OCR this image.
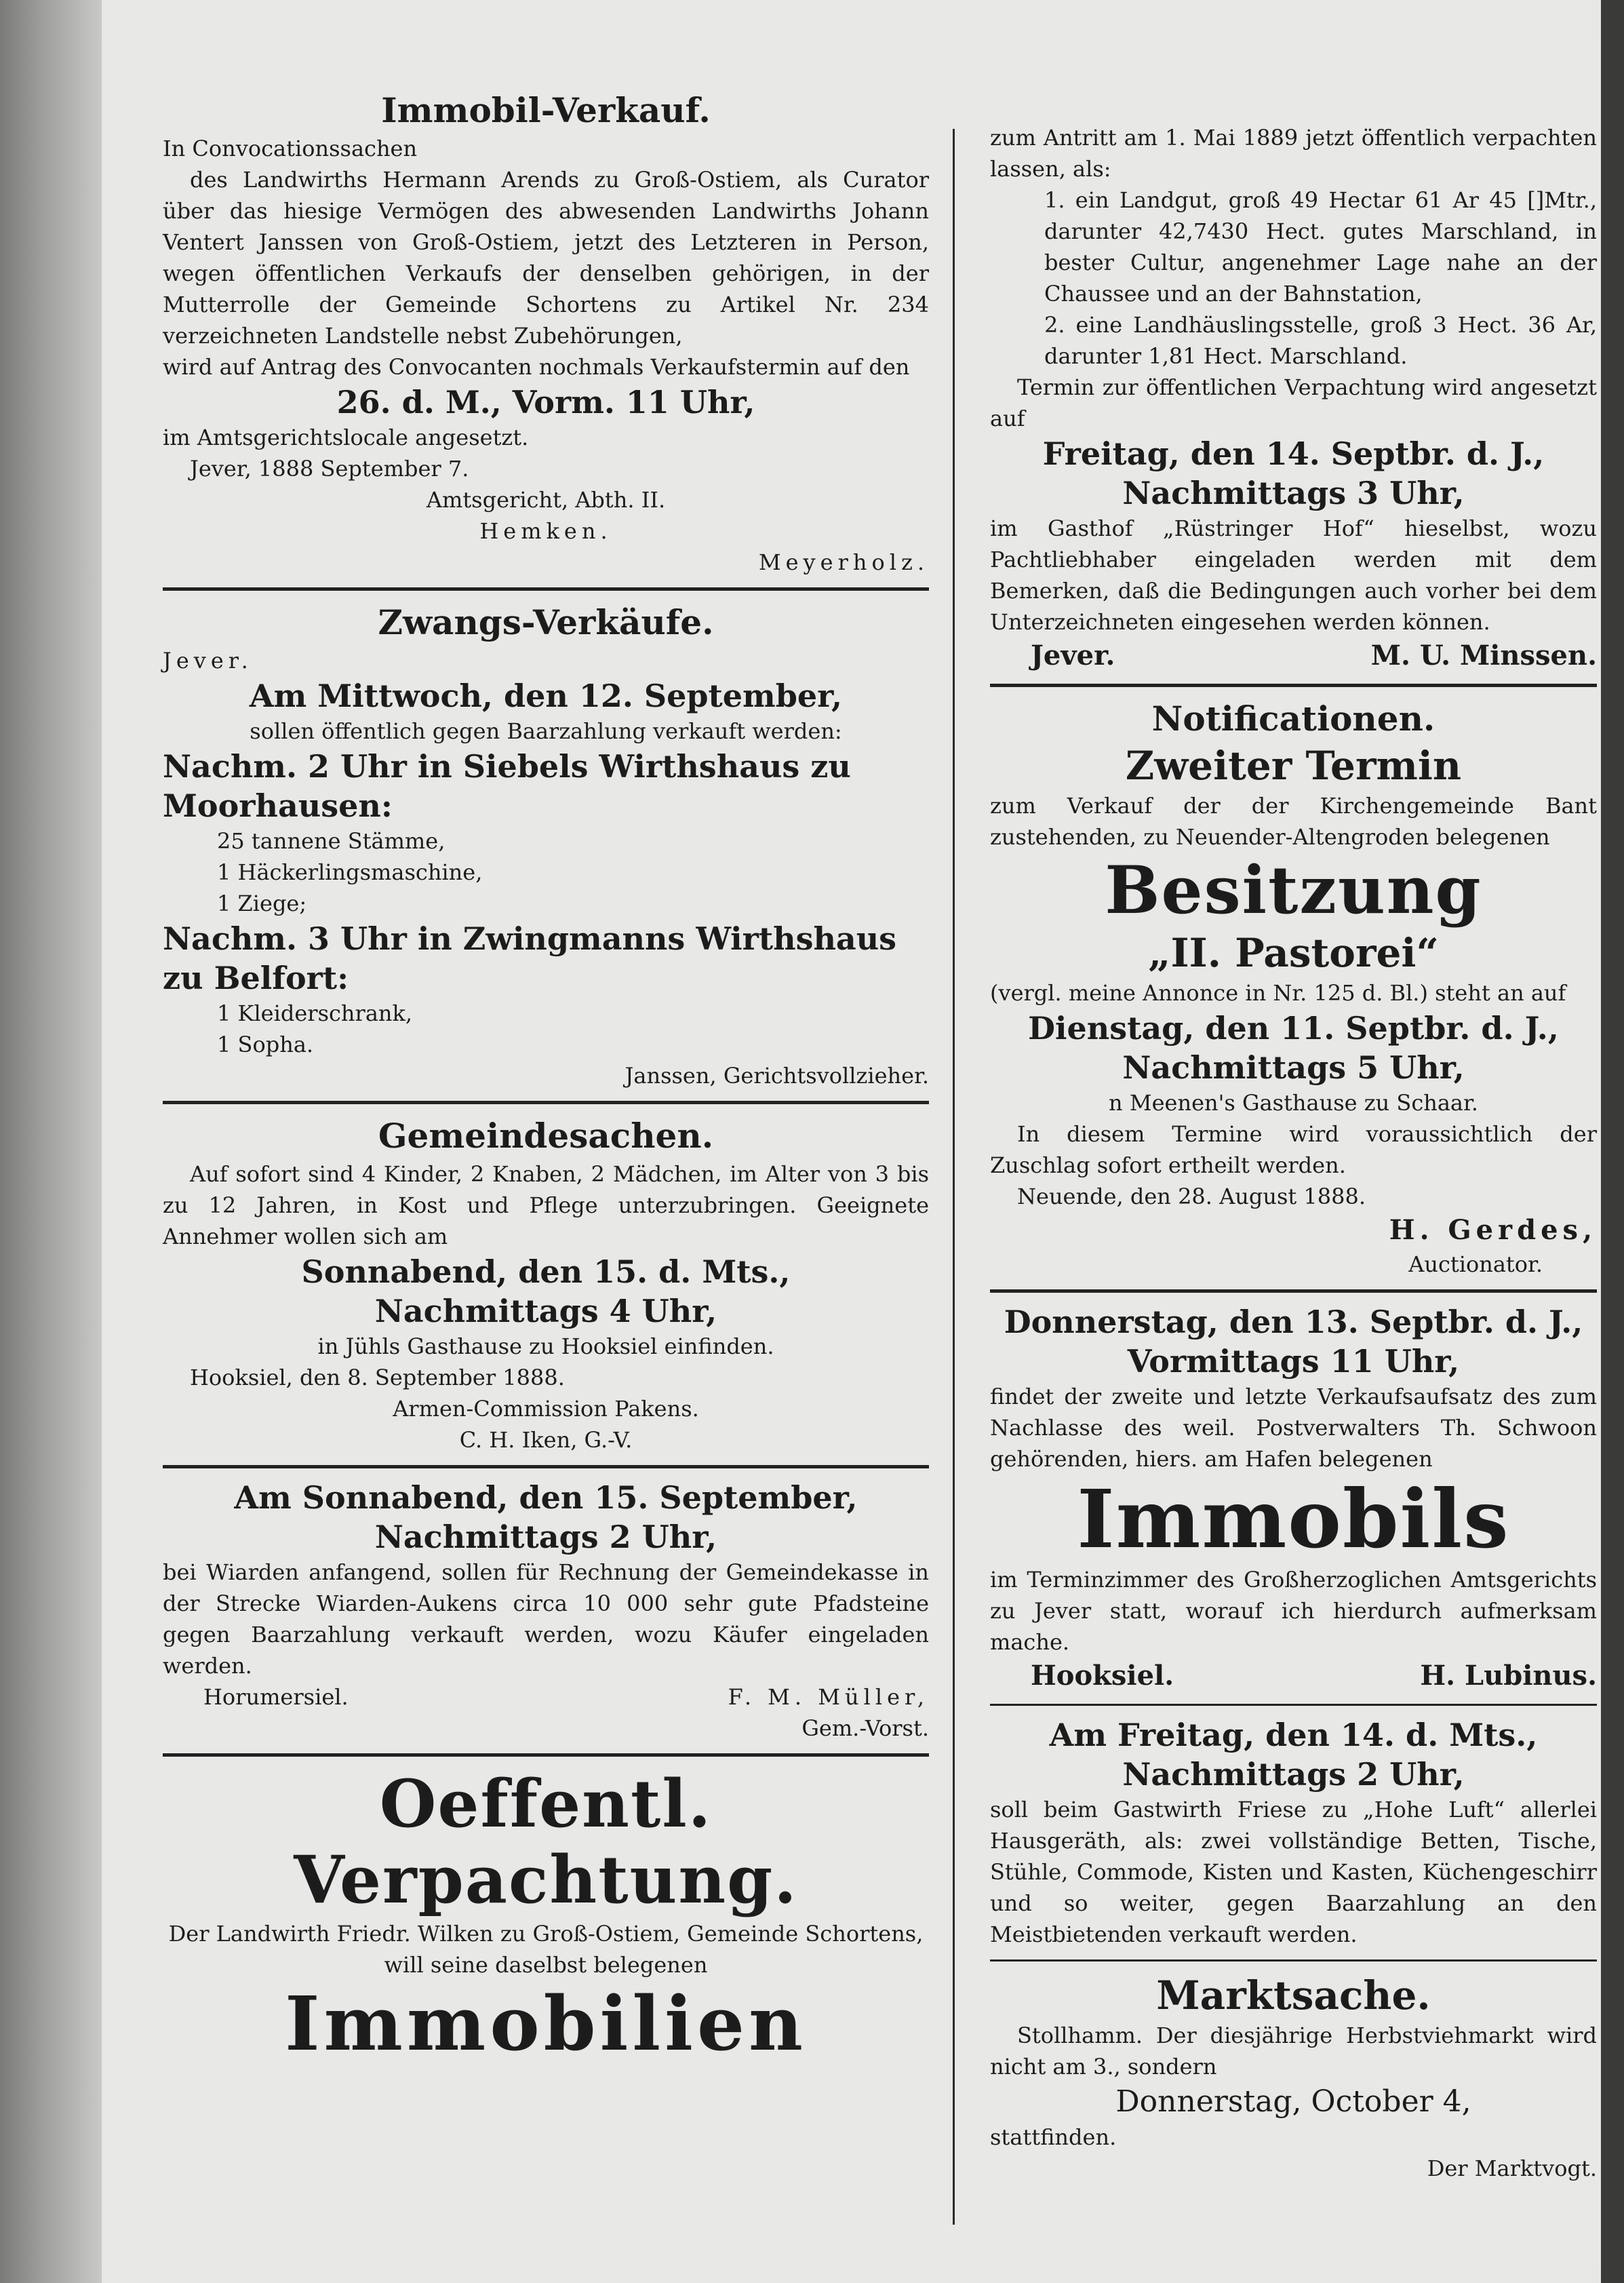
Immobil-Verkauf.

In Convocationssachen

des Landwirths Hermann Arends zu Groß-Ostiem, als Curator über das hiesige Vermögen des abwesenden Landwirths Johann Ventert Janssen von Groß-Ostiem, jetzt des Letzteren in Person, wegen öffentlichen Verkaufs der denselben gehörigen, in der Mutterrolle der Gemeinde Schortens zu Artikel Nr. 234 verzeichneten Landstelle nebst Zubehörungen,

wird auf Antrag des Convocanten nochmals Verkaufstermin auf den

26. d. M., Vorm. 11 Uhr,

im Amtsgerichtslocale angesetzt.

Jever, 1888 September 7.

Amtsgericht, Abth. II.

Hemken.

Meyerholz.

Zwangs-Verkäufe.

Jever.

Am Mittwoch, den 12. September,

sollen öffentlich gegen Baarzahlung verkauft werden:

Nachm. 2 Uhr in Siebels Wirthshaus zu Moorhausen:

25 tannene Stämme,

1 Häckerlingsmaschine,

1 Ziege;

Nachm. 3 Uhr in Zwingmanns Wirthshaus zu Belfort:

1 Kleiderschrank,

1 Sopha.

Janssen, Gerichtsvollzieher.

Gemeindesachen.

Auf sofort sind 4 Kinder, 2 Knaben, 2 Mädchen, im Alter von 3 bis zu 12 Jahren, in Kost und Pflege unterzubringen. Geeignete Annehmer wollen sich am

Sonnabend, den 15. d. Mts.,
Nachmittags 4 Uhr,

in Jühls Gasthause zu Hooksiel einfinden.

Hooksiel, den 8. September 1888.

Armen-Commission Pakens.

C. H. Iken, G.-V.

Am Sonnabend, den 15. September,
Nachmittags 2 Uhr,

bei Wiarden anfangend, sollen für Rechnung der Gemeindekasse in der Strecke Wiarden-Aukens circa 10 000 sehr gute Pfadsteine gegen Baarzahlung verkauft werden, wozu Käufer eingeladen werden.

Horumersiel.	F. M. Müller,

Gem.-Vorst.

Oeffentl. Verpachtung.

Der Landwirth Friedr. Wilken zu Groß-Ostiem, Gemeinde Schortens, will seine daselbst belegenen

Immobilien

zum Antritt am 1. Mai 1889 jetzt öffentlich verpachten lassen, als:

1. ein Landgut, groß 49 Hectar 61 Ar 45 []Mtr., darunter 42,7430 Hect. gutes Marschland, in bester Cultur, angenehmer Lage nahe an der Chaussee und an der Bahnstation,

2. eine Landhäuslingsstelle, groß 3 Hect. 36 Ar, darunter 1,81 Hect. Marschland.

Termin zur öffentlichen Verpachtung wird angesetzt auf

Freitag, den 14. Septbr. d. J.,
Nachmittags 3 Uhr,

im Gasthof „Rüstringer Hof“ hieselbst, wozu Pachtliebhaber eingeladen werden mit dem Bemerken, daß die Bedingungen auch vorher bei dem Unterzeichneten eingesehen werden können.

Jever.	M. U. Minssen.
Notificationen.
Zweiter Termin

zum Verkauf der der Kirchengemeinde Bant zustehenden, zu Neuender-Altengroden belegenen

Besitzung
„II. Pastorei“

(vergl. meine Annonce in Nr. 125 d. Bl.) steht an auf

Dienstag, den 11. Septbr. d. J.,
Nachmittags 5 Uhr,

n Meenen's Gasthause zu Schaar.

In diesem Termine wird voraussichtlich der Zuschlag sofort ertheilt werden.

Neuende, den 28. August 1888.

H. Gerdes,

Auctionator.

Donnerstag, den 13. Septbr. d. J.,
Vormittags 11 Uhr,

findet der zweite und letzte Verkaufsaufsatz des zum Nachlasse des weil. Postverwalters Th. Schwoon gehörenden, hiers. am Hafen belegenen

Immobils

im Terminzimmer des Großherzoglichen Amtsgerichts zu Jever statt, worauf ich hierdurch aufmerksam mache.

Hooksiel.	H. Lubinus.
Am Freitag, den 14. d. Mts.,
Nachmittags 2 Uhr,

soll beim Gastwirth Friese zu „Hohe Luft“ allerlei Hausgeräth, als: zwei vollständige Betten, Tische, Stühle, Commode, Kisten und Kasten, Küchengeschirr und so weiter, gegen Baarzahlung an den Meistbietenden verkauft werden.

Marktsache.

Stollhamm. Der diesjährige Herbstviehmarkt wird nicht am 3., sondern

Donnerstag, October 4,

stattfinden.

Der Marktvogt.
